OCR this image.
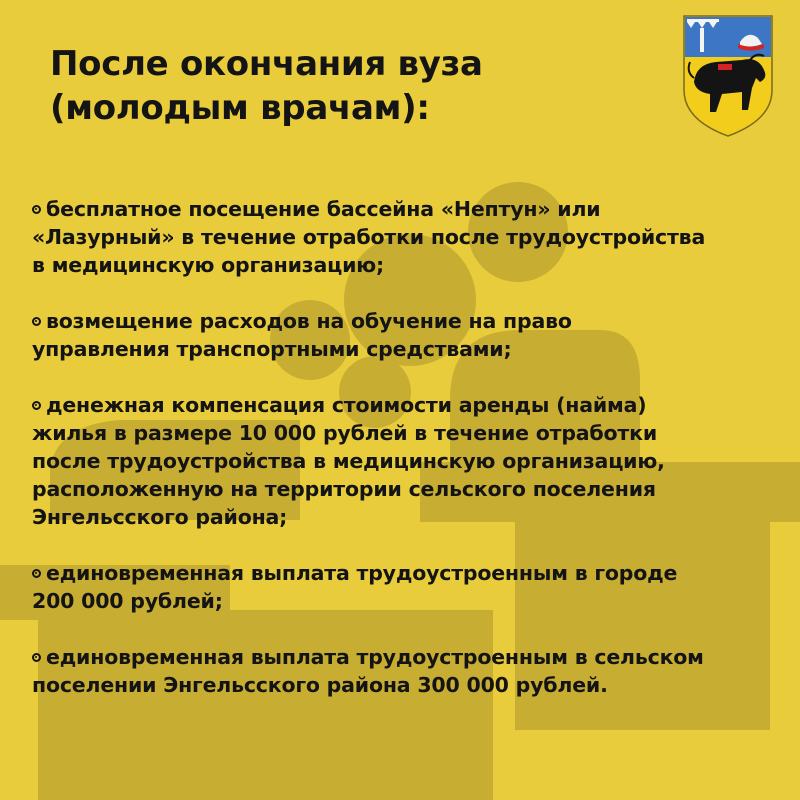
После окончания вуза
(молодым врачам):
бесплатное посещение бассейна «Нептун» или
«Лазурный» в течение отработки после трудоустройства
в медицинскую организацию;
возмещение расходов на обучение на право
управления транспортными средствами;
денежная компенсация стоимости аренды (найма)
жилья в размере 10 000 рублей в течение отработки
после трудоустройства в медицинскую организацию,
расположенную на территории сельского поселения
Энгельсского района;
единовременная выплата трудоустроенным в городе
200 000 рублей;
единовременная выплата трудоустроенным в сельском
поселении Энгельсского района 300 000 рублей.
